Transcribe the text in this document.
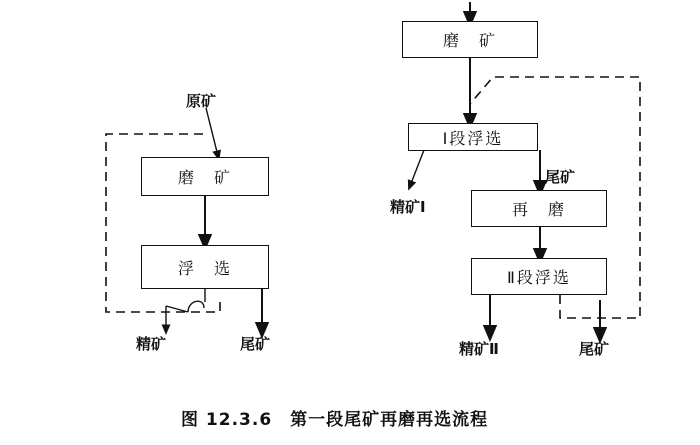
磨　矿
浮　选
原矿
精矿	尾矿
磨　矿
Ⅰ段浮选
再　磨
Ⅱ段浮选
精矿Ⅰ
尾矿
精矿Ⅱ	尾矿
图 12.3.6　第一段尾矿再磨再选流程
